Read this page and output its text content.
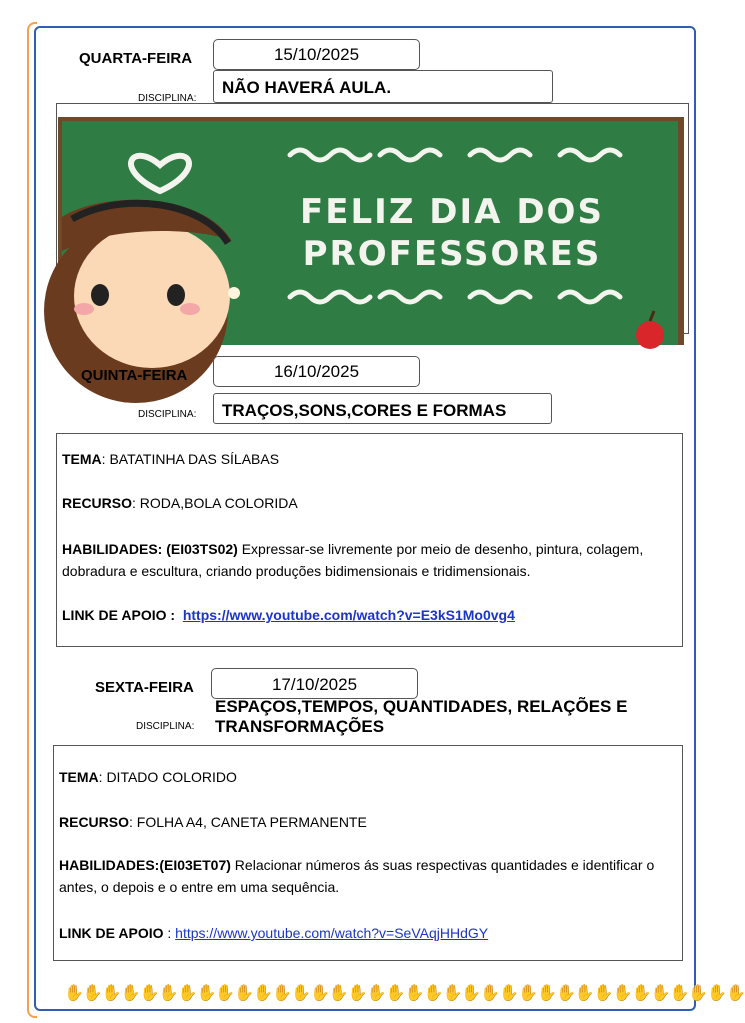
QUARTA-FEIRA	15/10/2025
DISCIPLINA:
NÃO HAVERÁ AULA.
FELIZ DIA DOS
PROFESSORES
QUINTA-FEIRA	16/10/2025
DISCIPLINA:	TRAÇOS,SONS,CORES E FORMAS

TEMA: BATATINHA DAS SÍLABAS

RECURSO: RODA,BOLA COLORIDA

HABILIDADES: (EI03TS02) Expressar-se livremente por meio de desenho, pintura, colagem, dobradura e escultura, criando produções bidimensionais e tridimensionais.

LINK DE APOIO : https://www.youtube.com/watch?v=E3kS1Mo0vg4

SEXTA-FEIRA	17/10/2025
DISCIPLINA:
ESPAÇOS,TEMPOS, QUANTIDADES, RELAÇÕES E TRANSFORMAÇÕES

TEMA: DITADO COLORIDO

RECURSO: FOLHA A4, CANETA PERMANENTE

HABILIDADES:(EI03ET07) Relacionar números ás suas respectivas quantidades e identificar o antes, o depois e o entre em uma sequência.

LINK DE APOIO : https://www.youtube.com/watch?v=SeVAqjHHdGY

✋✋✋✋✋✋✋✋✋✋✋✋✋✋✋✋✋✋✋✋✋✋✋✋✋✋✋✋✋✋✋✋✋✋✋✋
